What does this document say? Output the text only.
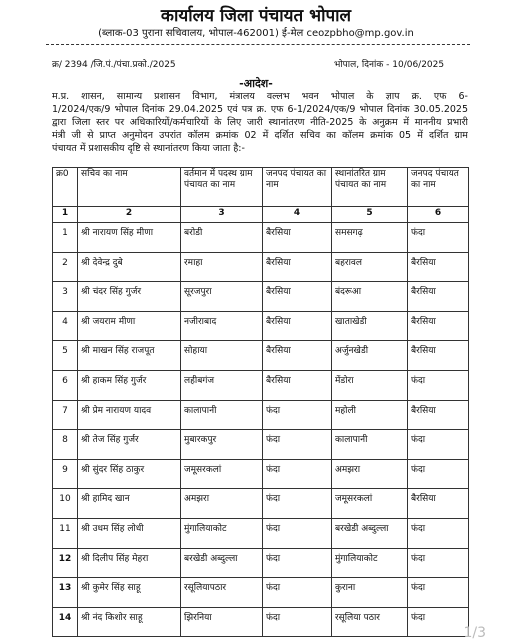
कार्यालय जिला पंचायत भोपाल
(ब्लाक-03 पुराना सचिवालय, भोपाल-462001) ई-मेल ceozpbho@mp.gov.in
क्र/ 2394 /जि.पं./पंचा.प्रको./2025	भोपाल, दिनांक - 10/06/2025
-आदेश-
म.प्र. शासन, सामान्य प्रशासन विभाग, मंत्रालय वल्लभ भवन भोपाल के ज्ञाप क्र. एफ 6-
1/2024/एक/9 भोपाल दिनांक 29.04.2025 एवं पत्र क्र. एफ 6-1/2024/एक/9 भोपाल दिनांक 30.05.2025
द्वारा जिला स्तर पर अधिकारियों/कर्मचारियों के लिए जारी स्थानांतरण नीति-2025 के अनुक्रम में माननीय प्रभारी
मंत्री जी से प्राप्त अनुमोदन उपरांत कॉलम क्रमांक 02 में दर्शित सचिव का कॉलम क्रमांक 05 में दर्शित ग्राम
पंचायत में प्रशासकीय दृष्टि से स्थानांतरण किया जाता है:-
क्र0	सचिव का नाम	वर्तमान में पदस्थ ग्राम पंचायत का नाम	जनपद पंचायत का नाम	स्थानांतरित ग्राम पंचायत का नाम	जनपद पंचायत का नाम
1	2	3	4	5	6
1	श्री नारायण सिंह मीणा	बरोडी	बैरसिया	समसगढ़	फंदा
2	श्री देवेन्द्र दुबे	रमाहा	बैरसिया	बहरावल	बैरसिया
3	श्री चंदर सिंह गुर्जर	सूरजपुरा	बैरसिया	बंदरूआ	बैरसिया
4	श्री जयराम मीणा	नजीराबाद	बैरसिया	खाताखेडी	बैरसिया
5	श्री माखन सिंह राजपूत	सोहाया	बैरसिया	अर्जुनखेडी	बैरसिया
6	श्री हाकम सिंह गुर्जर	लहीबगंज	बैरसिया	मेंडोरा	फंदा
7	श्री प्रेम नारायण यादव	कालापानी	फंदा	महोली	बैरसिया
8	श्री तेज सिंह गुर्जर	मुबारकपुर	फंदा	कालापानी	फंदा
9	श्री सुंदर सिंह ठाकुर	जमूसरकलां	फंदा	अमझरा	फंदा
10	श्री हामिद खान	अमझरा	फंदा	जमूसरकलां	बैरसिया
11	श्री उधम सिंह लोधी	मुंगालियाकोट	फंदा	बरखेडी अब्दुल्ला	फंदा
12	श्री दिलीप सिंह मेहरा	बरखेडी अब्दुल्ला	फंदा	मुंगालियाकोट	फंदा
13	श्री कुमेर सिंह साहू	रसूलियापठार	फंदा	कुराना	फंदा
14	श्री नंद किशोर साहू	झिरनिया	फंदा	रसूलिया पठार	फंदा
1/3
